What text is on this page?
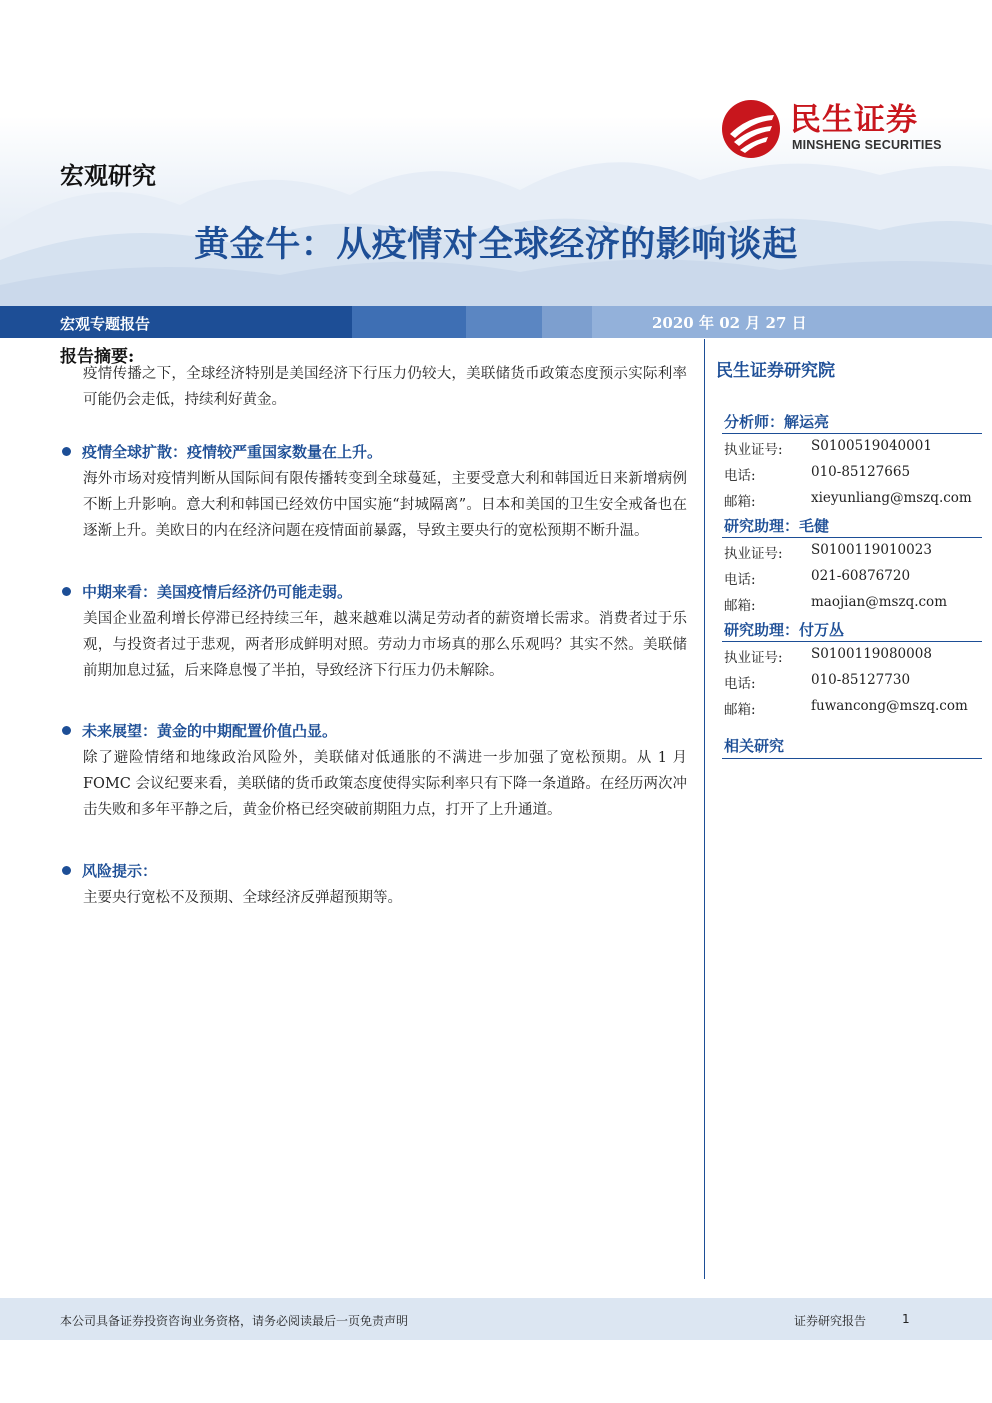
民生证券
MINSHENG SECURITIES
宏观研究
黄金牛：从疫情对全球经济的影响谈起
宏观专题报告	2020 年 02 月 27 日
报告摘要:
疫情传播之下，全球经济特别是美国经济下行压力仍较大，美联储货币政策态度预示实际利率可能仍会走低，持续利好黄金。
疫情全球扩散：疫情较严重国家数量在上升。
海外市场对疫情判断从国际间有限传播转变到全球蔓延，主要受意大利和韩国近日来新增病例不断上升影响。意大利和韩国已经效仿中国实施“封城隔离”。日本和美国的卫生安全戒备也在逐渐上升。美欧日的内在经济问题在疫情面前暴露，导致主要央行的宽松预期不断升温。
中期来看：美国疫情后经济仍可能走弱。
美国企业盈利增长停滞已经持续三年，越来越难以满足劳动者的薪资增长需求。消费者过于乐观，与投资者过于悲观，两者形成鲜明对照。劳动力市场真的那么乐观吗？其实不然。美联储前期加息过猛，后来降息慢了半拍，导致经济下行压力仍未解除。
未来展望：黄金的中期配置价值凸显。
除了避险情绪和地缘政治风险外，美联储对低通胀的不满进一步加强了宽松预期。从 1 月 FOMC 会议纪要来看，美联储的货币政策态度使得实际利率只有下降一条道路。在经历两次冲击失败和多年平静之后，黄金价格已经突破前期阻力点，打开了上升通道。
风险提示：
主要央行宽松不及预期、全球经济反弹超预期等。
民生证券研究院
分析师：解运亮
执业证号: S0100519040001
电话:	010-85127665
邮箱:	xieyunliang@mszq.com
研究助理：毛健
执业证号: S0100119010023
电话:	021-60876720
邮箱:	maojian@mszq.com
研究助理：付万丛
执业证号: S0100119080008
电话:	010-85127730
邮箱:	fuwancong@mszq.com
相关研究
本公司具备证券投资咨询业务资格，请务必阅读最后一页免责声明	证券研究报告	1
